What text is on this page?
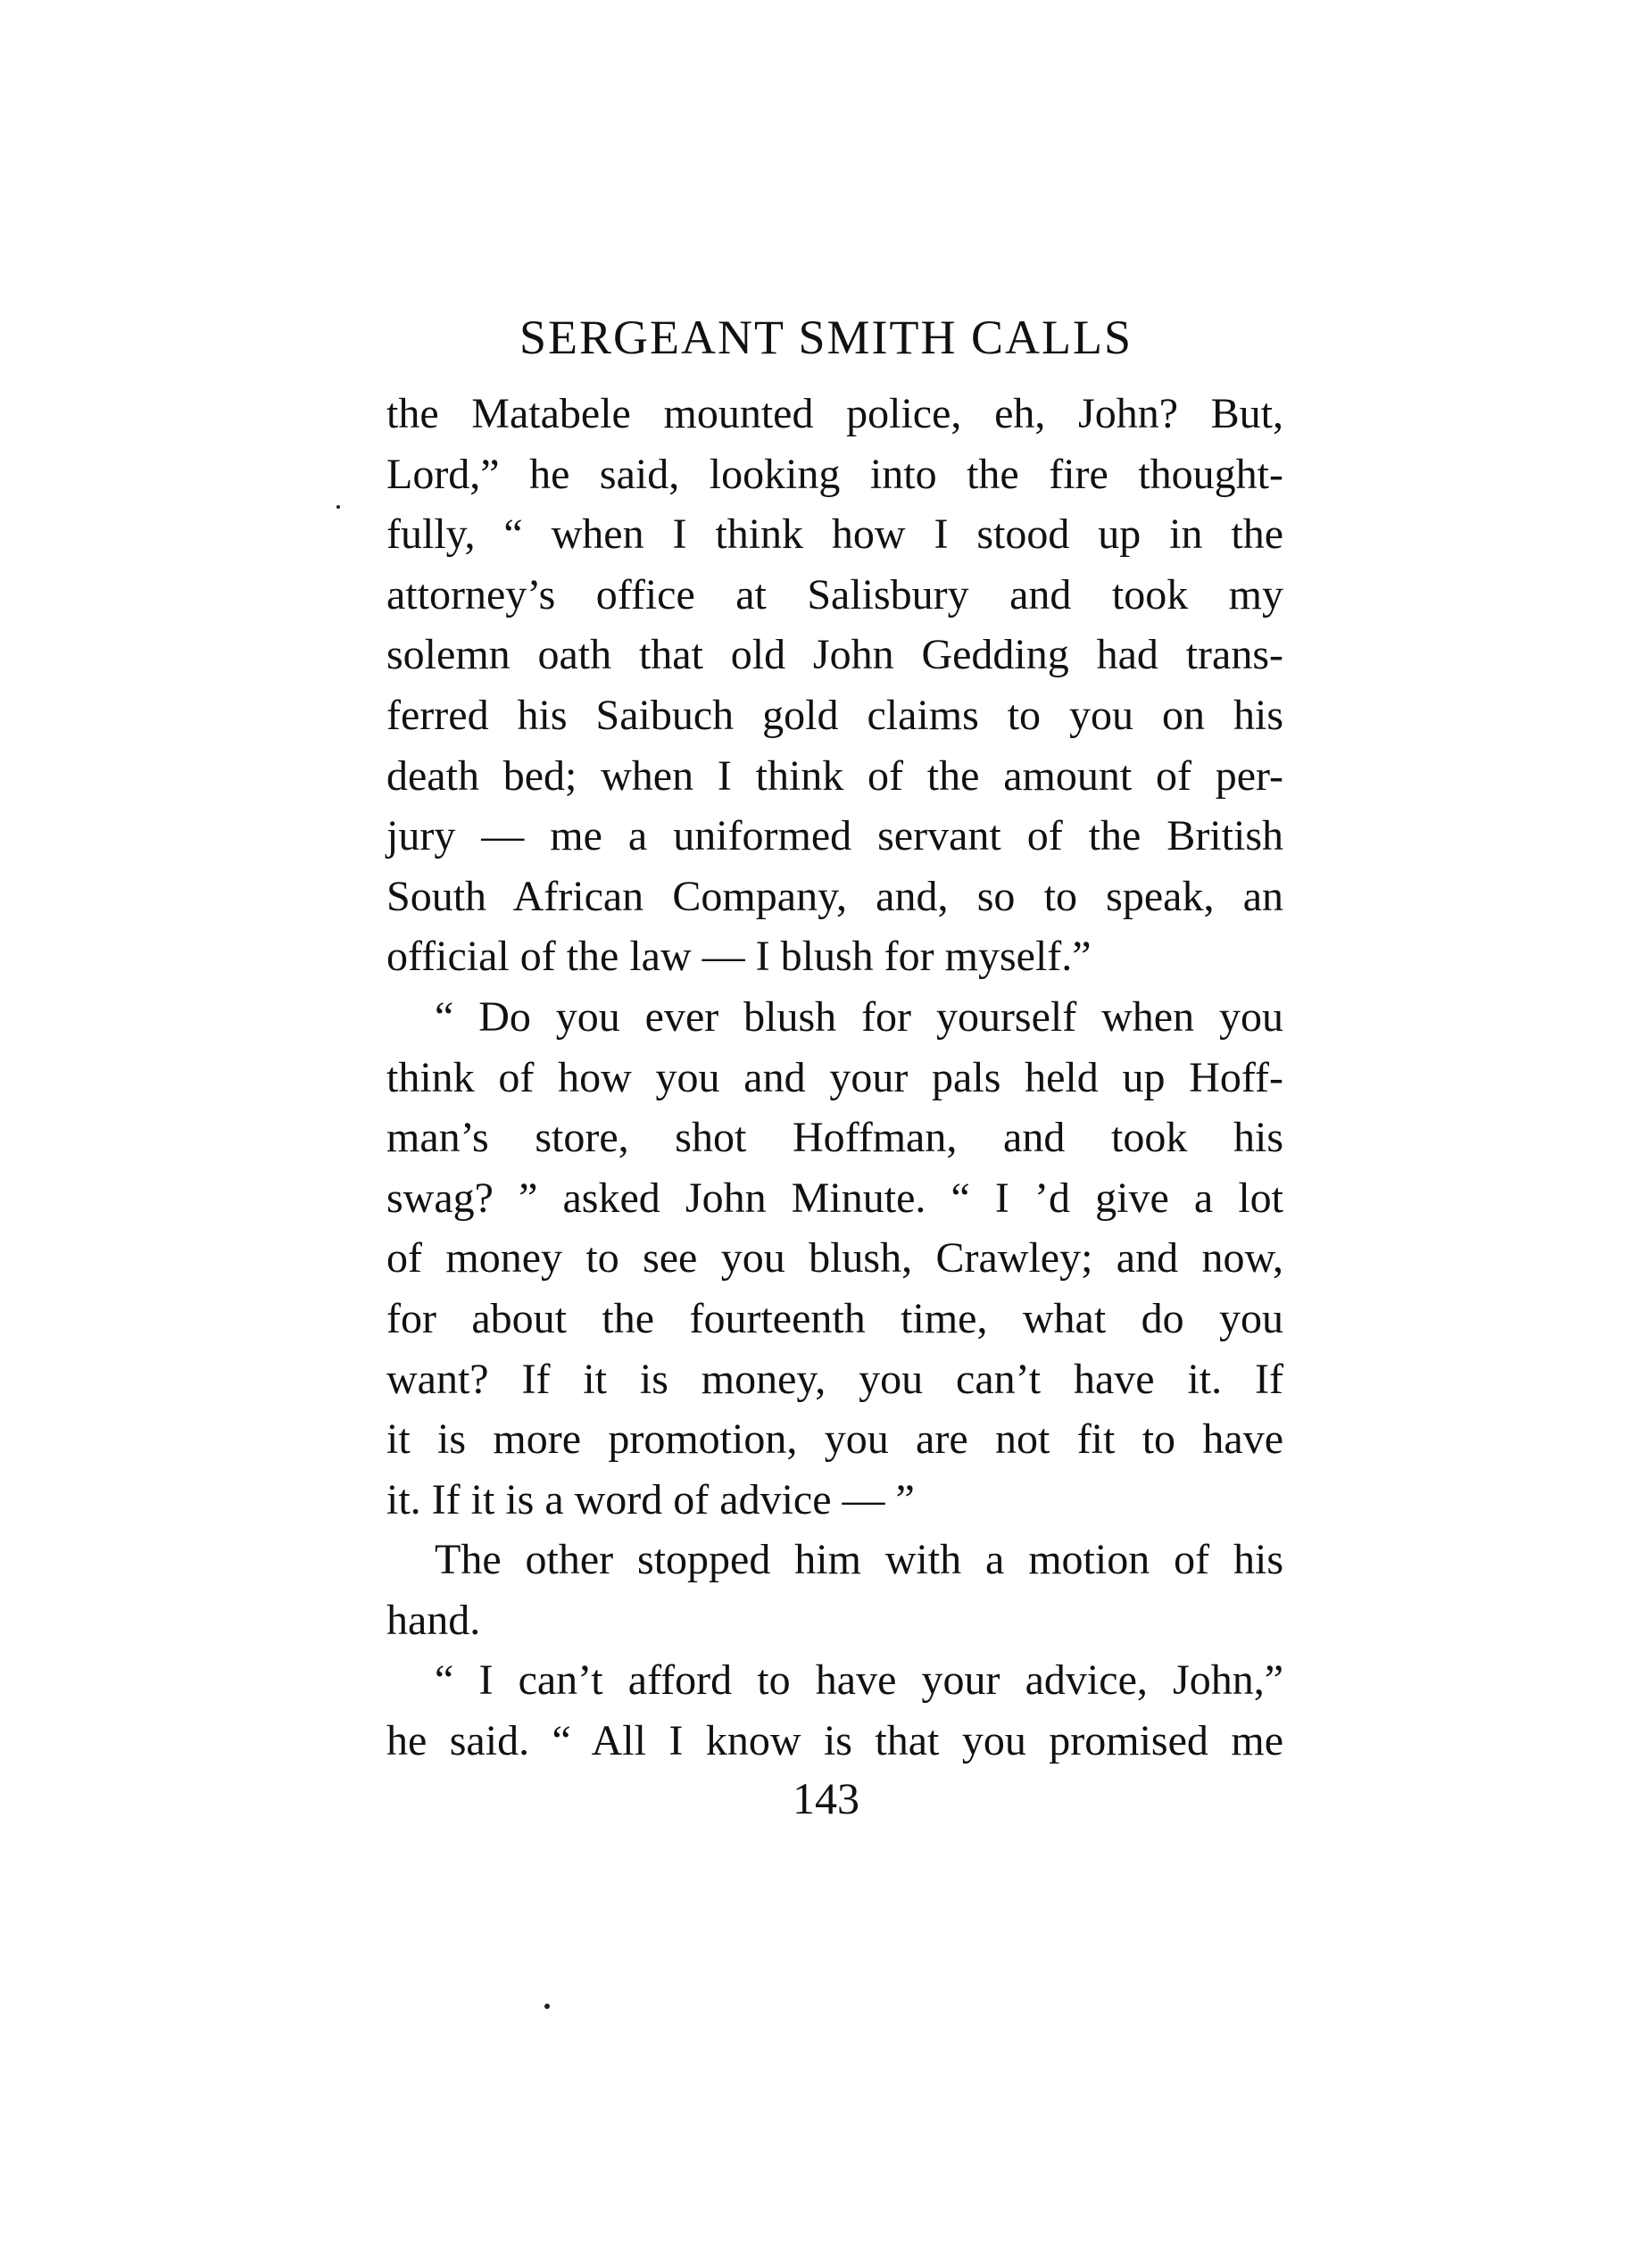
SERGEANT SMITH CALLS
the Matabele mounted police, eh, John? But,
Lord,” he said, looking into the fire thought-
fully, “ when I think how I stood up in the
attorney’s office at Salisbury and took my
solemn oath that old John Gedding had trans-
ferred his Saibuch gold claims to you on his
death bed; when I think of the amount of per-
jury — me a uniformed servant of the British
South African Company, and, so to speak, an
official of the law — I blush for myself.”
“ Do you ever blush for yourself when you
think of how you and your pals held up Hoff-
man’s store, shot Hoffman, and took his
swag? ” asked John Minute. “ I ’d give a lot
of money to see you blush, Crawley; and now,
for about the fourteenth time, what do you
want? If it is money, you can’t have it. If
it is more promotion, you are not fit to have
it. If it is a word of advice — ”
The other stopped him with a motion of his
hand.
“ I can’t afford to have your advice, John,”
he said. “ All I know is that you promised me
143
